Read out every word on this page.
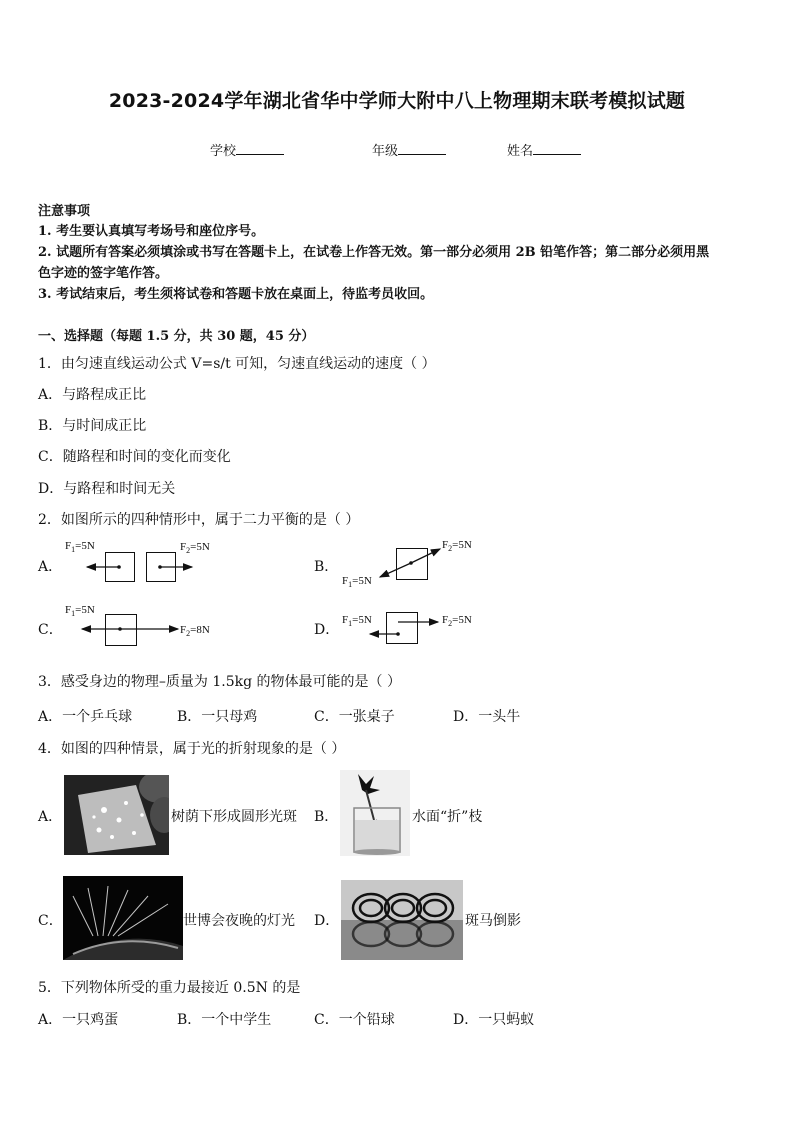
2023-2024学年湖北省华中学师大附中八上物理期末联考模拟试题
学校	年级	姓名
注意事项
1. 考生要认真填写考场号和座位序号。
2. 试题所有答案必须填涂或书写在答题卡上，在试卷上作答无效。第一部分必须用 2B 铅笔作答；第二部分必须用黑
色字迹的签字笔作答。
3. 考试结束后，考生须将试卷和答题卡放在桌面上，待监考员收回。
一、选择题（每题 1.5 分，共 30 题，45 分）
1．由匀速直线运动公式 V=s/t 可知，匀速直线运动的速度（ ）
A．与路程成正比
B．与时间成正比
C．随路程和时间的变化而变化
D．与路程和时间无关
2．如图所示的四种情形中，属于二力平衡的是（ ）
A．
$F_1=5N$	$F_2=5N$
B．
$F_2=5N$
$F_1=5N$
C．
$F_1=5N$
$F_2=8N$	D．
$F_1=5N$	$F_2=5N$
3．感受身边的物理–质量为 1.5kg 的物体最可能的是（ ）
A．一个乒乓球	B．一只母鸡	C．一张桌子	D．一头牛
4．如图的四种情景，属于光的折射现象的是（ ）
A．	树荫下形成圆形光斑 B．	水面“折”枝
C．	世博会夜晚的灯光 D．	斑马倒影
5．下列物体所受的重力最接近 0.5N 的是
A．一只鸡蛋	B．一个中学生	C．一个铅球	D．一只蚂蚁
